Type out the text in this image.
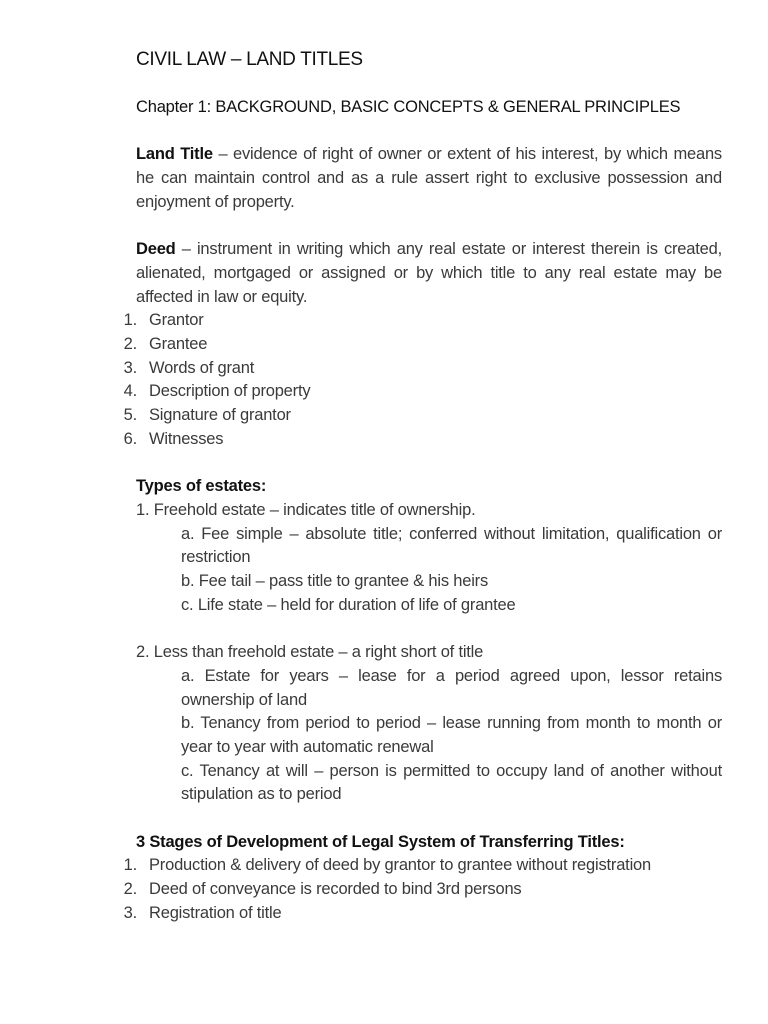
CIVIL LAW – LAND TITLES
Chapter 1: BACKGROUND, BASIC CONCEPTS & GENERAL PRINCIPLES

Land Title – evidence of right of owner or extent of his interest, by which means he can maintain control and as a rule assert right to exclusive possession and enjoyment of property.

Deed – instrument in writing which any real estate or interest therein is created, alienated, mortgaged or assigned or by which title to any real estate may be affected in law or equity.

1. Grantor
2. Grantee
3. Words of grant
4. Description of property
5. Signature of grantor
6. Witnesses

Types of estates:

1. Freehold estate – indicates title of ownership.

a. Fee simple – absolute title; conferred without limitation, qualification or restriction

b. Fee tail – pass title to grantee & his heirs

c. Life state – held for duration of life of grantee

2. Less than freehold estate – a right short of title

a. Estate for years – lease for a period agreed upon, lessor retains ownership of land

b. Tenancy from period to period – lease running from month to month or year to year with automatic renewal

c. Tenancy at will – person is permitted to occupy land of another without stipulation as to period

3 Stages of Development of Legal System of Transferring Titles:

1. Production & delivery of deed by grantor to grantee without registration
2. Deed of conveyance is recorded to bind 3rd persons
3. Registration of title
